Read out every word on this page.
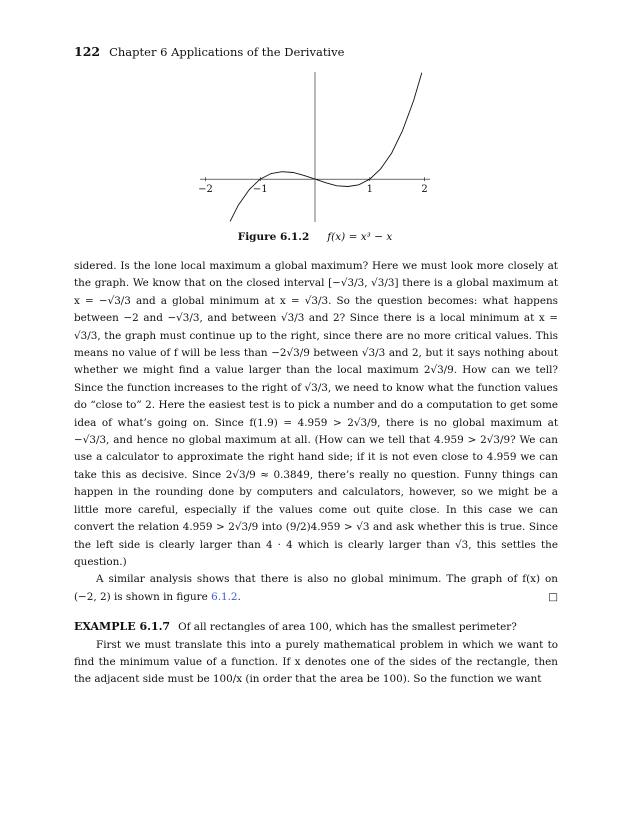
122 Chapter 6 Applications of the Derivative
−2	−1	1	2
Figure 6.1.2 f(x) = x³ − x

sidered. Is the lone local maximum a global maximum? Here we must look more closely at the graph. We know that on the closed interval [−√3/3, √3/3] there is a global maximum at x = −√3/3 and a global minimum at x = √3/3. So the question becomes: what happens between −2 and −√3/3, and between √3/3 and 2? Since there is a local minimum at x = √3/3, the graph must continue up to the right, since there are no more critical values. This means no value of f will be less than −2√3/9 between √3/3 and 2, but it says nothing about whether we might find a value larger than the local maximum 2√3/9. How can we tell? Since the function increases to the right of √3/3, we need to know what the function values do “close to” 2. Here the easiest test is to pick a number and do a computation to get some idea of what’s going on. Since f(1.9) = 4.959 > 2√3/9, there is no global maximum at −√3/3, and hence no global maximum at all. (How can we tell that 4.959 > 2√3/9? We can use a calculator to approximate the right hand side; if it is not even close to 4.959 we can take this as decisive. Since 2√3/9 ≈ 0.3849, there’s really no question. Funny things can happen in the rounding done by computers and calculators, however, so we might be a little more careful, especially if the values come out quite close. In this case we can convert the relation 4.959 > 2√3/9 into (9/2)4.959 > √3 and ask whether this is true. Since the left side is clearly larger than 4 · 4 which is clearly larger than √3, this settles the question.)

A similar analysis shows that there is also no global minimum. The graph of f(x) on (−2, 2) is shown in figure 6.1.2.	□

EXAMPLE 6.1.7 Of all rectangles of area 100, which has the smallest perimeter?

First we must translate this into a purely mathematical problem in which we want to find the minimum value of a function. If x denotes one of the sides of the rectangle, then the adjacent side must be 100/x (in order that the area be 100). So the function we want
